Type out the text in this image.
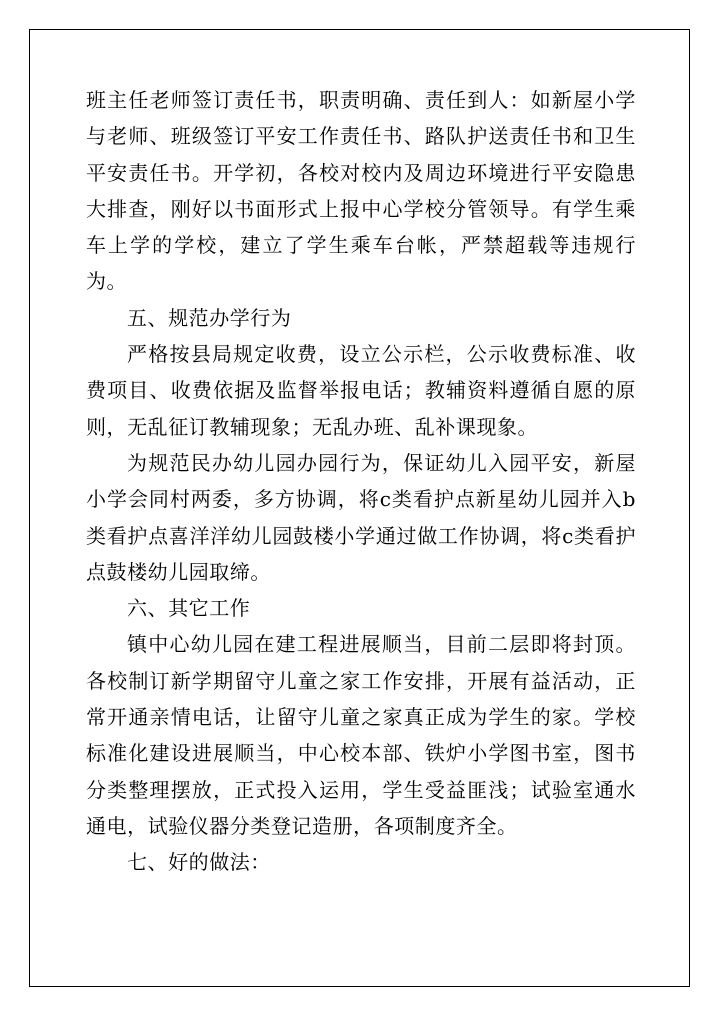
班主任老师签订责任书，职责明确、责任到人：如新屋小学与老师、班级签订平安工作责任书、路队护送责任书和卫生平安责任书。开学初，各校对校内及周边环境进行平安隐患大排查，刚好以书面形式上报中心学校分管领导。有学生乘车上学的学校，建立了学生乘车台帐，严禁超载等违规行为。

五、规范办学行为

严格按县局规定收费，设立公示栏，公示收费标准、收费项目、收费依据及监督举报电话；教辅资料遵循自愿的原则，无乱征订教辅现象；无乱办班、乱补课现象。

为规范民办幼儿园办园行为，保证幼儿入园平安，新屋小学会同村两委，多方协调，将c类看护点新星幼儿园并入b类看护点喜洋洋幼儿园鼓楼小学通过做工作协调，将c类看护点鼓楼幼儿园取缔。

六、其它工作

镇中心幼儿园在建工程进展顺当，目前二层即将封顶。各校制订新学期留守儿童之家工作安排，开展有益活动，正常开通亲情电话，让留守儿童之家真正成为学生的家。学校标准化建设进展顺当，中心校本部、铁炉小学图书室，图书分类整理摆放，正式投入运用，学生受益匪浅；试验室通水通电，试验仪器分类登记造册，各项制度齐全。

七、好的做法：
